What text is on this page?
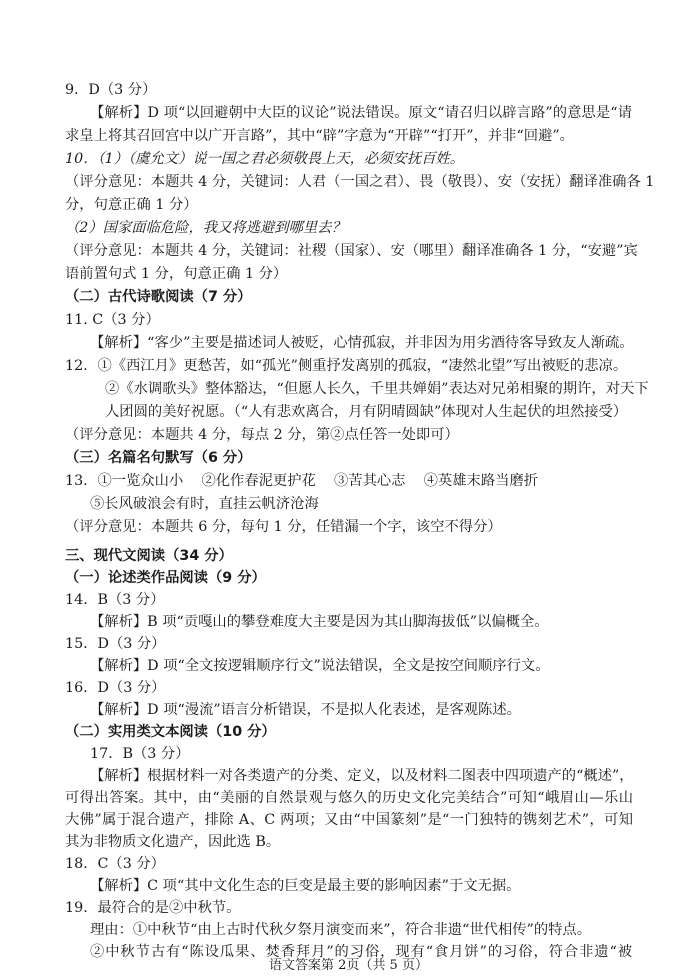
9．D（3 分）
【解析】D 项“以回避朝中大臣的议论”说法错误。原文“请召归以辟言路”的意思是“请
求皇上将其召回宫中以广开言路”，其中“辟”字意为“开辟”“打开”，并非“回避”。
10．（1）（虞允文）说一国之君必须敬畏上天，必须安抚百姓。
（评分意见：本题共 4 分，关键词：人君（一国之君）、畏（敬畏）、安（安抚）翻译准确各 1
分，句意正确 1 分）
（2）国家面临危险，我又将逃避到哪里去？
（评分意见：本题共 4 分，关键词：社稷（国家）、安（哪里）翻译准确各 1 分，“安避”宾
语前置句式 1 分，句意正确 1 分）
（二）古代诗歌阅读（7 分）
11. C（3 分）
【解析】“客少”主要是描述词人被贬，心情孤寂，并非因为用劣酒待客导致友人渐疏。
12．①《西江月》更愁苦，如“孤光”侧重抒发离别的孤寂，“凄然北望”写出被贬的悲凉。
②《水调歌头》整体豁达，“但愿人长久，千里共婵娟”表达对兄弟相聚的期许，对天下
人团圆的美好祝愿。（“人有悲欢离合，月有阴晴圆缺”体现对人生起伏的坦然接受）
（评分意见：本题共 4 分，每点 2 分，第②点任答一处即可）
（三）名篇名句默写（6 分）
13．①一览众山小    ②化作春泥更护花    ③苦其心志    ④英雄末路当磨折
⑤长风破浪会有时，直挂云帆济沧海
（评分意见：本题共 6 分，每句 1 分，任错漏一个字，该空不得分）
三、现代文阅读（34 分）
（一）论述类作品阅读（9 分）
14．B（3 分）
【解析】B 项“贡嘎山的攀登难度大主要是因为其山脚海拔低”以偏概全。
15．D（3 分）
【解析】D 项“全文按逻辑顺序行文”说法错误，全文是按空间顺序行文。
16．D（3 分）
【解析】D 项“漫流”语言分析错误，不是拟人化表述，是客观陈述。
（二）实用类文本阅读（10 分）
17．B（3 分）
【解析】根据材料一对各类遗产的分类、定义，以及材料二图表中四项遗产的“概述”，
可得出答案。其中，由“美丽的自然景观与悠久的历史文化完美结合”可知“峨眉山—乐山
大佛”属于混合遗产，排除 A、C 两项；又由“中国篆刻”是“一门独特的镌刻艺术”，可知
其为非物质文化遗产，因此选 B。
18．C（3 分）
【解析】C 项“其中文化生态的巨变是最主要的影响因素”于文无据。
19．最符合的是②中秋节。
理由：①中秋节“由上古时代秋夕祭月演变而来”，符合非遗“世代相传”的特点。
②中秋节古有“陈设瓜果、焚香拜月”的习俗，现有“食月饼”的习俗，符合非遗“被
语文答案第 2页（共 5 页）
